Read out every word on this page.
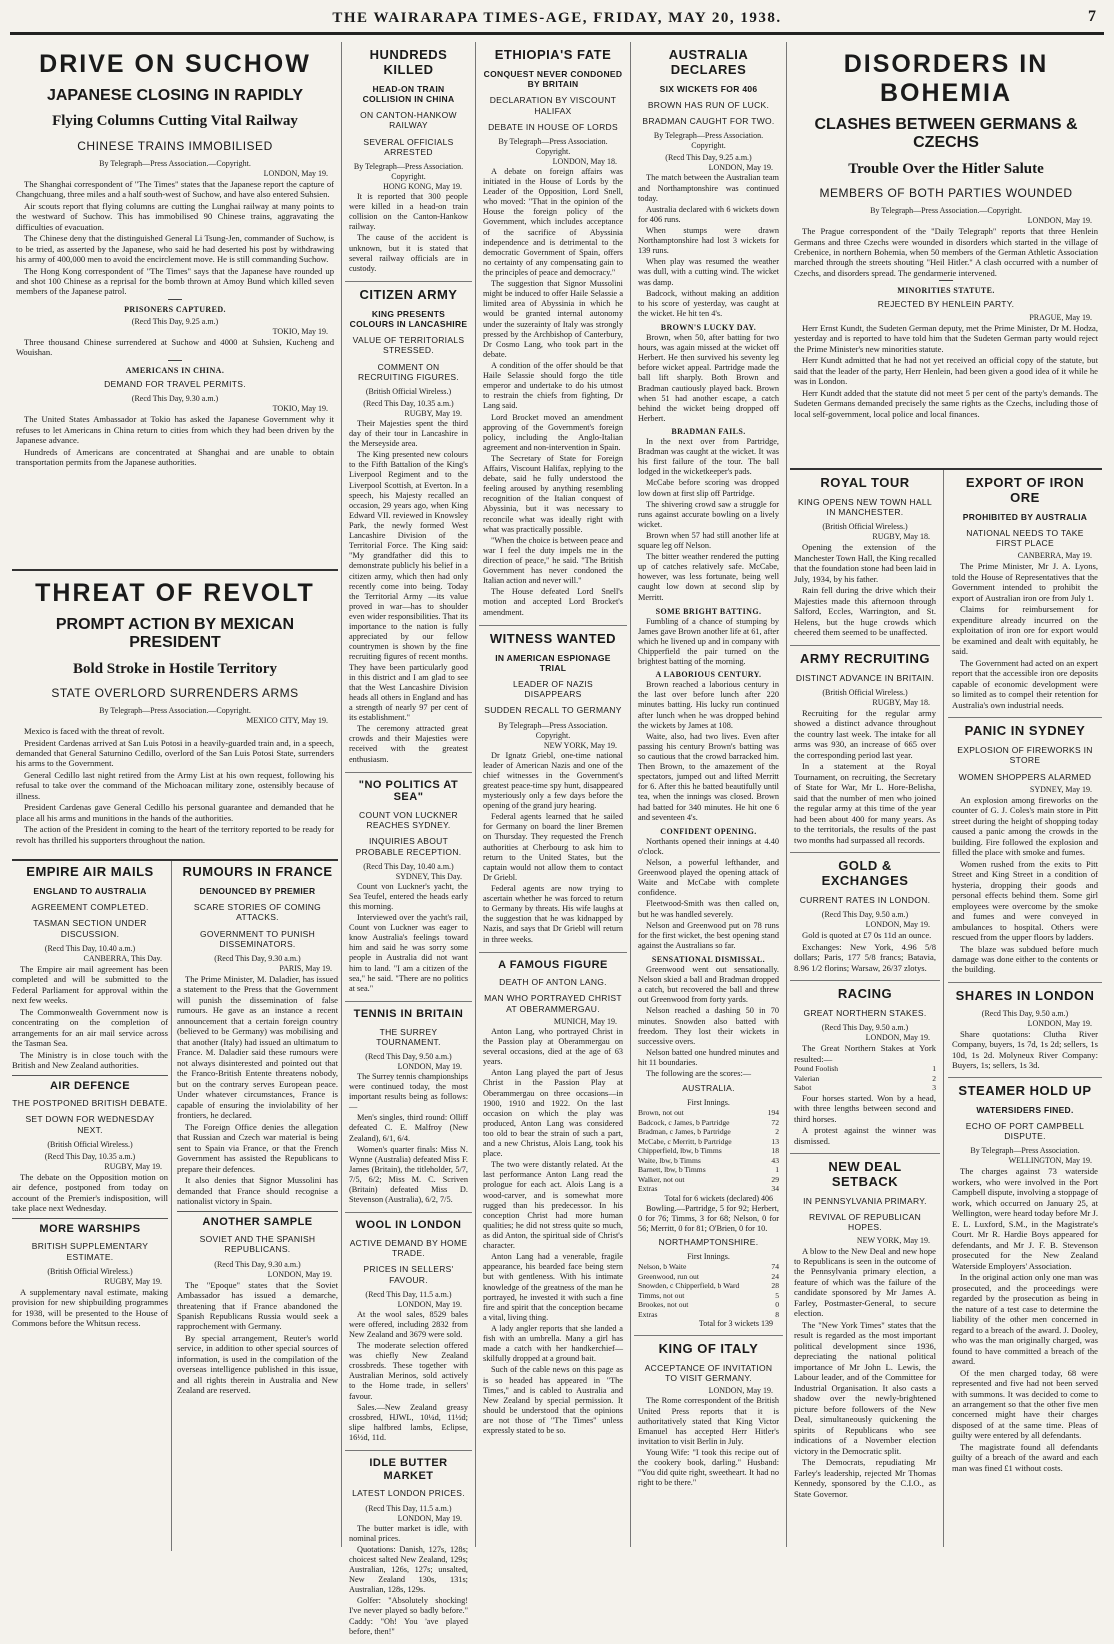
THE WAIRARAPA TIMES-AGE, FRIDAY, MAY 20, 1938.	7
DRIVE ON SUCHOW
JAPANESE CLOSING IN RAPIDLY
Flying Columns Cutting Vital Railway
CHINESE TRAINS IMMOBILISED
By Telegraph—Press Association.—Copyright.
LONDON, May 19.

The Shanghai correspondent of "The Times" states that the Japanese report the capture of Changchuang, three miles and a half south-west of Suchow, and have also entered Suhsien.

Air scouts report that flying columns are cutting the Lunghai railway at many points to the westward of Suchow. This has immobilised 90 Chinese trains, aggravating the difficulties of evacuation.

The Chinese deny that the distinguished General Li Tsung-Jen, commander of Suchow, is to be tried, as asserted by the Japanese, who said he had deserted his post by withdrawing his army of 400,000 men to avoid the encirclement move. He is still commanding Suchow.

The Hong Kong correspondent of "The Times" says that the Japanese have rounded up and shot 100 Chinese as a reprisal for the bomb thrown at Amoy Bund which killed seven members of the Japanese patrol.

PRISONERS CAPTURED.
(Recd This Day, 9.25 a.m.)
TOKIO, May 19.
Three thousand Chinese surrendered at Suchow and 4000 at Suhsien, Kucheng and Wouishan.
AMERICANS IN CHINA.
DEMAND FOR TRAVEL PERMITS.
(Recd This Day, 9.30 a.m.)
TOKIO, May 19.

The United States Ambassador at Tokio has asked the Japanese Government why it refuses to let Americans in China return to cities from which they had been driven by the Japanese advance.

Hundreds of Americans are concentrated at Shanghai and are unable to obtain transportation permits from the Japanese authorities.

THREAT OF REVOLT
PROMPT ACTION BY MEXICAN PRESIDENT
Bold Stroke in Hostile Territory
STATE OVERLORD SURRENDERS ARMS
By Telegraph—Press Association.—Copyright.
MEXICO CITY, May 19.

Mexico is faced with the threat of revolt.

President Cardenas arrived at San Luis Potosi in a heavily-guarded train and, in a speech, demanded that General Saturnino Cedillo, overlord of the San Luis Potosi State, surrenders his arms to the Government.

General Cedillo last night retired from the Army List at his own request, following his refusal to take over the command of the Michoacan military zone, ostensibly because of illness.

President Cardenas gave General Cedillo his personal guarantee and demanded that he place all his arms and munitions in the hands of the authorities.

The action of the President in coming to the heart of the territory reported to be ready for revolt has thrilled his supporters throughout the nation.

EMPIRE AIR MAILS
ENGLAND TO AUSTRALIA
AGREEMENT COMPLETED.
TASMAN SECTION UNDER DISCUSSION.
(Recd This Day, 10.40 a.m.)
CANBERRA, This Day.

The Empire air mail agreement has been completed and will be submitted to the Federal Parliament for approval within the next few weeks.

The Commonwealth Government now is concentrating on the completion of arrangements for an air mail service across the Tasman Sea.

The Ministry is in close touch with the British and New Zealand authorities.

AIR DEFENCE
THE POSTPONED BRITISH DEBATE.
SET DOWN FOR WEDNESDAY NEXT.
(British Official Wireless.)
(Recd This Day, 10.35 a.m.)
RUGBY, May 19.
The debate on the Opposition motion on air defence, postponed from today on account of the Premier's indisposition, will take place next Wednesday.
MORE WARSHIPS
BRITISH SUPPLEMENTARY ESTIMATE.
(British Official Wireless.)
RUGBY, May 19.
A supplementary naval estimate, making provision for new shipbuilding programmes for 1938, will be presented to the House of Commons before the Whitsun recess.
RUMOURS IN FRANCE
DENOUNCED BY PREMIER
SCARE STORIES OF COMING ATTACKS.
GOVERNMENT TO PUNISH DISSEMINATORS.
(Recd This Day, 9.30 a.m.)
PARIS, May 19.

The Prime Minister, M. Daladier, has issued a statement to the Press that the Government will punish the dissemination of false rumours. He gave as an instance a recent announcement that a certain foreign country (believed to be Germany) was mobilising and that another (Italy) had issued an ultimatum to France. M. Daladier said these rumours were not always disinterested and pointed out that the Franco-British Entente threatens nobody, but on the contrary serves European peace. Under whatever circumstances, France is capable of ensuring the inviolability of her frontiers, he declared.

The Foreign Office denies the allegation that Russian and Czech war material is being sent to Spain via France, or that the French Government has assisted the Republicans to prepare their defences.

It also denies that Signor Mussolini has demanded that France should recognise a nationalist victory in Spain.

ANOTHER SAMPLE
SOVIET AND THE SPANISH REPUBLICANS.
(Recd This Day, 9.30 a.m.)
LONDON, May 19.

The "Epoque" states that the Soviet Ambassador has issued a demarche, threatening that if France abandoned the Spanish Republicans Russia would seek a rapprochement with Germany.

By special arrangement, Reuter's world service, in addition to other special sources of information, is used in the compilation of the overseas intelligence published in this issue, and all rights therein in Australia and New Zealand are reserved.

HUNDREDS KILLED
HEAD-ON TRAIN COLLISION IN CHINA
ON CANTON-HANKOW RAILWAY
SEVERAL OFFICIALS ARRESTED
By Telegraph—Press Association. Copyright.
HONG KONG, May 19.

It is reported that 300 people were killed in a head-on train collision on the Canton-Hankow railway.

The cause of the accident is unknown, but it is stated that several railway officials are in custody.

CITIZEN ARMY
KING PRESENTS COLOURS IN LANCASHIRE
VALUE OF TERRITORIALS STRESSED.
COMMENT ON RECRUITING FIGURES.
(British Official Wireless.)
(Recd This Day, 10.35 a.m.)
RUGBY, May 19.

Their Majesties spent the third day of their tour in Lancashire in the Merseyside area.

The King presented new colours to the Fifth Battalion of the King's Liverpool Regiment and to the Liverpool Scottish, at Everton. In a speech, his Majesty recalled an occasion, 29 years ago, when King Edward VII. reviewed in Knowsley Park, the newly formed West Lancashire Division of the Territorial Force. The King said: "My grandfather did this to demonstrate publicly his belief in a citizen army, which then had only recently come into being. Today the Territorial Army —its value proved in war—has to shoulder even wider responsibilities. That its importance to the nation is fully appreciated by our fellow countrymen is shown by the fine recruiting figures of recent months. They have been particularly good in this district and I am glad to see that the West Lancashire Division heads all others in England and has a strength of nearly 97 per cent of its establishment."

The ceremony attracted great crowds and their Majesties were received with the greatest enthusiasm.

"NO POLITICS AT SEA"
COUNT VON LUCKNER REACHES SYDNEY.
INQUIRIES ABOUT PROBABLE RECEPTION.
(Recd This Day, 10.40 a.m.)
SYDNEY, This Day.

Count von Luckner's yacht, the Sea Teufel, entered the heads early this morning.

Interviewed over the yacht's rail, Count von Luckner was eager to know Australia's feelings toward him and said he was sorry some people in Australia did not want him to land. "I am a citizen of the sea," he said. "There are no politics at sea."

TENNIS IN BRITAIN
THE SURREY TOURNAMENT.
(Recd This Day, 9.50 a.m.)
LONDON, May 19.

The Surrey tennis championships were continued today, the most important results being as follows:—

Men's singles, third round: Olliff defeated C. E. Malfroy (New Zealand), 6/1, 6/4.

Women's quarter finals: Miss N. Wynne (Australia) defeated Miss F. James (Britain), the titleholder, 5/7, 7/5, 6/2; Miss M. C. Scriven (Britain) defeated Miss D. Stevenson (Australia), 6/2, 7/5.

WOOL IN LONDON
ACTIVE DEMAND BY HOME TRADE.
PRICES IN SELLERS' FAVOUR.
(Recd This Day, 11.5 a.m.)
LONDON, May 19.

At the wool sales, 8529 bales were offered, including 2832 from New Zealand and 3679 were sold.

The moderate selection offered was chiefly New Zealand crossbreds. These together with Australian Merinos, sold actively to the Home trade, in sellers' favour.

Sales.—New Zealand greasy crossbred, HJWL, 10¼d, 11½d; slipe halfbred lambs, Eclipse, 16½d, 11d.

IDLE BUTTER MARKET
LATEST LONDON PRICES.
(Recd This Day, 11.5 a.m.)
LONDON, May 19.

The butter market is idle, with nominal prices.

Quotations: Danish, 127s, 128s; choicest salted New Zealand, 129s; Australian, 126s, 127s; unsalted, New Zealand 130s, 131s; Australian, 128s, 129s.

Golfer: "Absolutely shocking! I've never played so badly before." Caddy: "Oh! You 'ave played before, then!"

ETHIOPIA'S FATE
CONQUEST NEVER CONDONED BY BRITAIN
DECLARATION BY VISCOUNT HALIFAX
DEBATE IN HOUSE OF LORDS
By Telegraph—Press Association. Copyright.
LONDON, May 18.

A debate on foreign affairs was initiated in the House of Lords by the Leader of the Opposition, Lord Snell, who moved: "That in the opinion of the House the foreign policy of the Government, which includes acceptance of the sacrifice of Abyssinia independence and is detrimental to the democratic Government of Spain, offers no certainty of any compensating gain to the principles of peace and democracy."

The suggestion that Signor Mussolini might be induced to offer Haile Selassie a limited area of Abyssinia in which he would be granted internal autonomy under the suzerainty of Italy was strongly pressed by the Archbishop of Canterbury, Dr Cosmo Lang, who took part in the debate.

A condition of the offer should be that Haile Selassie should forgo the title emperor and undertake to do his utmost to restrain the chiefs from fighting, Dr Lang said.

Lord Brocket moved an amendment approving of the Government's foreign policy, including the Anglo-Italian agreement and non-intervention in Spain.

The Secretary of State for Foreign Affairs, Viscount Halifax, replying to the debate, said he fully understood the feeling aroused by anything resembling recognition of the Italian conquest of Abyssinia, but it was necessary to reconcile what was ideally right with what was practically possible.

"When the choice is between peace and war I feel the duty impels me in the direction of peace," he said. "The British Government has never condoned the Italian action and never will."

The House defeated Lord Snell's motion and accepted Lord Brocket's amendment.

WITNESS WANTED
IN AMERICAN ESPIONAGE TRIAL
LEADER OF NAZIS DISAPPEARS
SUDDEN RECALL TO GERMANY
By Telegraph—Press Association. Copyright.
NEW YORK, May 19.

Dr Ignatz Griebl, one-time national leader of American Nazis and one of the chief witnesses in the Government's greatest peace-time spy hunt, disappeared mysteriously only a few days before the opening of the grand jury hearing.

Federal agents learned that he sailed for Germany on board the liner Bremen on Thursday. They requested the French authorities at Cherbourg to ask him to return to the United States, but the captain would not allow them to contact Dr Griebl.

Federal agents are now trying to ascertain whether he was forced to return to Germany by threats. His wife laughs at the suggestion that he was kidnapped by Nazis, and says that Dr Griebl will return in three weeks.

A FAMOUS FIGURE
DEATH OF ANTON LANG.
MAN WHO PORTRAYED CHRIST AT OBERAMMERGAU.
MUNICH, May 19.

Anton Lang, who portrayed Christ in the Passion play at Oberammergau on several occasions, died at the age of 63 years.

Anton Lang played the part of Jesus Christ in the Passion Play at Oberammergau on three occasions—in 1900, 1910 and 1922. On the last occasion on which the play was produced, Anton Lang was considered too old to bear the strain of such a part, and a new Christus, Alois Lang, took his place.

The two were distantly related. At the last performance Anton Lang read the prologue for each act. Alois Lang is a wood-carver, and is somewhat more rugged than his predecessor. In his conception Christ had more human qualities; he did not stress quite so much, as did Anton, the spiritual side of Christ's character.

Anton Lang had a venerable, fragile appearance, his bearded face being stern but with gentleness. With his intimate knowledge of the greatness of the man he portrayed, he invested it with such a fine fire and spirit that the conception became a vital, living thing.

A lady angler reports that she landed a fish with an umbrella. Many a girl has made a catch with her handkerchief—skilfully dropped at a ground bait.

Such of the cable news on this page as is so headed has appeared in "The Times," and is cabled to Australia and New Zealand by special permission. It should be understood that the opinions are not those of "The Times" unless expressly stated to be so.

AUSTRALIA DECLARES
SIX WICKETS FOR 406
BROWN HAS RUN OF LUCK.
BRADMAN CAUGHT FOR TWO.
By Telegraph—Press Association. Copyright.
(Recd This Day, 9.25 a.m.)
LONDON, May 19.

The match between the Australian team and Northamptonshire was continued today.

Australia declared with 6 wickets down for 406 runs.

When stumps were drawn Northamptonshire had lost 3 wickets for 139 runs.

When play was resumed the weather was dull, with a cutting wind. The wicket was damp.

Badcock, without making an addition to his score of yesterday, was caught at the wicket. He hit ten 4's.

BROWN'S LUCKY DAY.
Brown, when 50, after batting for two hours, was again missed at the wicket off Herbert. He then survived his seventy leg before wicket appeal. Partridge made the ball lift sharply. Both Brown and Bradman cautiously played back. Brown when 51 had another escape, a catch behind the wicket being dropped off Herbert.
BRADMAN FAILS.

In the next over from Partridge, Bradman was caught at the wicket. It was his first failure of the tour. The ball lodged in the wicketkeeper's pads.

McCabe before scoring was dropped low down at first slip off Partridge.

The shivering crowd saw a struggle for runs against accurate bowling on a lively wicket.

Brown when 57 had still another life at square leg off Nelson.

The bitter weather rendered the putting up of catches relatively safe. McCabe, however, was less fortunate, being well caught low down at second slip by Merritt.

SOME BRIGHT BATTING.
Fumbling of a chance of stumping by James gave Brown another life at 61, after which he livened up and in company with Chipperfield the pair turned on the brightest batting of the morning.
A LABORIOUS CENTURY.

Brown reached a laborious century in the last over before lunch after 220 minutes batting. His lucky run continued after lunch when he was dropped behind the wickets by James at 108.

Waite, also, had two lives. Even after passing his century Brown's batting was so cautious that the crowd barracked him. Then Brown, to the amazement of the spectators, jumped out and lifted Merritt for 6. After this he batted beautifully until tea, when the innings was closed. Brown had batted for 340 minutes. He hit one 6 and seventeen 4's.

CONFIDENT OPENING.

Northants opened their innings at 4.40 o'clock.

Nelson, a powerful lefthander, and Greenwood played the opening attack of Waite and McCabe with complete confidence.

Fleetwood-Smith was then called on, but he was handled severely.

Nelson and Greenwood put on 78 runs for the first wicket, the best opening stand against the Australians so far.

SENSATIONAL DISMISSAL.

Greenwood went out sensationally. Nelson skied a ball and Bradman dropped a catch, but recovered the ball and threw out Greenwood from forty yards.

Nelson reached a dashing 50 in 70 minutes. Snowden also batted with freedom. They lost their wickets in successive overs.

Nelson batted one hundred minutes and hit 11 boundaries.

The following are the scores:—

AUSTRALIA.
First Innings.
Brown, not out	194
Badcock, c James, b Partridge	72
Bradman, c James, b Partridge	2
McCabe, c Merritt, b Partridge	13
Chipperfield, lbw, b Timms	18
Waite, lbw, b Timms	43
Barnett, lbw, b Timms	1
Walker, not out	29
Extras	34
Total for 6 wickets (declared) 406
Bowling.—Partridge, 5 for 92; Herbert, 0 for 76; Timms, 3 for 68; Nelson, 0 for 56; Merritt, 0 for 81; O'Brien, 0 for 10.
NORTHAMPTONSHIRE.
First Innings.
Nelson, b Waite	74
Greenwood, run out	24
Snowden, c Chipperfield, b Ward	28
Timms, not out	5
Brookes, not out	0
Extras	8
Total for 3 wickets 139
KING OF ITALY
ACCEPTANCE OF INVITATION TO VISIT GERMANY.
LONDON, May 19.

The Rome correspondent of the British United Press reports that it is authoritatively stated that King Victor Emanuel has accepted Herr Hitler's invitation to visit Berlin in July.

Young Wife: "I took this recipe out of the cookery book, darling." Husband: "You did quite right, sweetheart. It had no right to be there."

DISORDERS IN BOHEMIA
CLASHES BETWEEN GERMANS & CZECHS
Trouble Over the Hitler Salute
MEMBERS OF BOTH PARTIES WOUNDED
By Telegraph—Press Association.—Copyright.
LONDON, May 19.
The Prague correspondent of the "Daily Telegraph" reports that three Henlein Germans and three Czechs were wounded in disorders which started in the village of Crebenice, in northern Bohemia, when 50 members of the German Athletic Association marched through the streets shouting "Heil Hitler." A clash occurred with a number of Czechs, and disorders spread. The gendarmerie intervened.
MINORITIES STATUTE.
REJECTED BY HENLEIN PARTY.
PRAGUE, May 19.

Herr Ernst Kundt, the Sudeten German deputy, met the Prime Minister, Dr M. Hodza, yesterday and is reported to have told him that the Sudeten German party would reject the Prime Minister's new minorities statute.

Herr Kundt admitted that he had not yet received an official copy of the statute, but said that the leader of the party, Herr Henlein, had been given a good idea of it while he was in London.

Herr Kundt added that the statute did not meet 5 per cent of the party's demands. The Sudeten Germans demanded precisely the same rights as the Czechs, including those of local self-government, local police and local finances.

ROYAL TOUR
KING OPENS NEW TOWN HALL IN MANCHESTER.
(British Official Wireless.)
RUGBY, May 18.

Opening the extension of the Manchester Town Hall, the King recalled that the foundation stone had been laid in July, 1934, by his father.

Rain fell during the drive which their Majesties made this afternoon through Salford, Eccles, Warrington, and St. Helens, but the huge crowds which cheered them seemed to be unaffected.

ARMY RECRUITING
DISTINCT ADVANCE IN BRITAIN.
(British Official Wireless.)
RUGBY, May 18.

Recruiting for the regular army showed a distinct advance throughout the country last week. The intake for all arms was 930, an increase of 665 over the corresponding period last year.

In a statement at the Royal Tournament, on recruiting, the Secretary of State for War, Mr L. Hore-Belisha, said that the number of men who joined the regular army at this time of the year had been about 400 for many years. As to the territorials, the results of the past two months had surpassed all records.

GOLD & EXCHANGES
CURRENT RATES IN LONDON.
(Recd This Day, 9.50 a.m.)
LONDON, May 19.

Gold is quoted at £7 0s 11d an ounce.

Exchanges: New York, 4.96 5/8 dollars; Paris, 177 5/8 francs; Batavia, 8.96 1/2 florins; Warsaw, 26/37 zlotys.

RACING
GREAT NORTHERN STAKES.
(Recd This Day, 9.50 a.m.)
LONDON, May 19.
The Great Northern Stakes at York resulted:—
Pound Foolish	1
Valerian	2
Sabot	3

Four horses started. Won by a head, with three lengths between second and third horses.

A protest against the winner was dismissed.

NEW DEAL SETBACK
IN PENNSYLVANIA PRIMARY.
REVIVAL OF REPUBLICAN HOPES.
NEW YORK, May 19.

A blow to the New Deal and new hope to Republicans is seen in the outcome of the Pennsylvania primary election, a feature of which was the failure of the candidate sponsored by Mr James A. Farley, Postmaster-General, to secure election.

The "New York Times" states that the result is regarded as the most important political development since 1936, depreciating the national political importance of Mr John L. Lewis, the Labour leader, and of the Committee for Industrial Organisation. It also casts a shadow over the newly-brightened picture before followers of the New Deal, simultaneously quickening the spirits of Republicans who see indications of a November election victory in the Democratic split.

The Democrats, repudiating Mr Farley's leadership, rejected Mr Thomas Kennedy, sponsored by the C.I.O., as State Governor.

EXPORT OF IRON ORE
PROHIBITED BY AUSTRALIA
NATIONAL NEEDS TO TAKE FIRST PLACE
CANBERRA, May 19.

The Prime Minister, Mr J. A. Lyons, told the House of Representatives that the Government intended to prohibit the export of Australian iron ore from July 1.

Claims for reimbursement for expenditure already incurred on the exploitation of iron ore for export would be examined and dealt with equitably, he said.

The Government had acted on an expert report that the accessible iron ore deposits capable of economic development were so limited as to compel their retention for Australia's own industrial needs.

PANIC IN SYDNEY
EXPLOSION OF FIREWORKS IN STORE
WOMEN SHOPPERS ALARMED
SYDNEY, May 19.

An explosion among fireworks on the counter of G. J. Coles's main store in Pitt street during the height of shopping today caused a panic among the crowds in the building. Fire followed the explosion and filled the place with smoke and fumes.

Women rushed from the exits to Pitt Street and King Street in a condition of hysteria, dropping their goods and personal effects behind them. Some girl employees were overcome by the smoke and fumes and were conveyed in ambulances to hospital. Others were rescued from the upper floors by ladders.

The blaze was subdued before much damage was done either to the contents or the building.

SHARES IN LONDON
(Recd This Day, 9.50 a.m.)
LONDON, May 19.
Share quotations: Clutha River Company, buyers, 1s 7d, 1s 2d; sellers, 1s 10d, 1s 2d. Molyneux River Company: Buyers, 1s; sellers, 1s 3d.
STEAMER HOLD UP
WATERSIDERS FINED.
ECHO OF PORT CAMPBELL DISPUTE.
By Telegraph—Press Association.
WELLINGTON, May 19.

The charges against 73 waterside workers, who were involved in the Port Campbell dispute, involving a stoppage of work, which occurred on January 25, at Wellington, were heard today before Mr J. E. L. Luxford, S.M., in the Magistrate's Court. Mr R. Hardie Boys appeared for defendants, and Mr J. F. B. Stevenson prosecuted for the New Zealand Waterside Employers' Association.

In the original action only one man was prosecuted, and the proceedings were regarded by the prosecution as being in the nature of a test case to determine the liability of the other men concerned in regard to a breach of the award. J. Dooley, who was the man originally charged, was found to have committed a breach of the award.

Of the men charged today, 68 were represented and five had not been served with summons. It was decided to come to an arrangement so that the other five men concerned might have their charges disposed of at the same time. Pleas of guilty were entered by all defendants.

The magistrate found all defendants guilty of a breach of the award and each man was fined £1 without costs.
